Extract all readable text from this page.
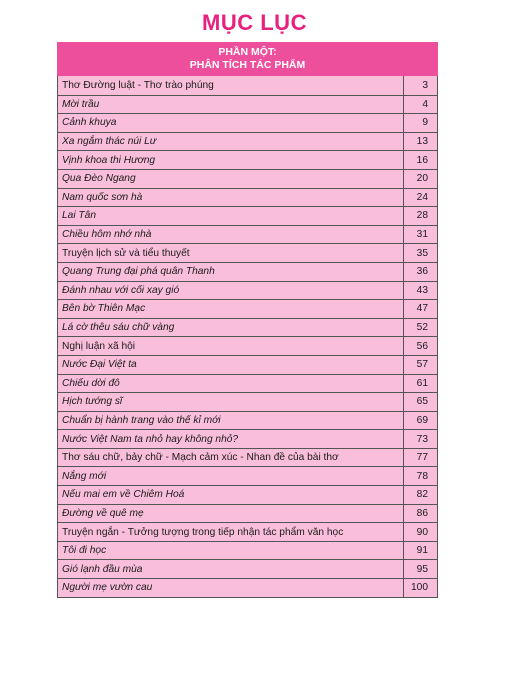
MỤC LỤC
PHẦN MỘT:
PHÂN TÍCH TÁC PHẨM
Thơ Đường luật - Thơ trào phúng	3
Mời trầu	4
Cảnh khuya	9
Xa ngắm thác núi Lư	13
Vịnh khoa thi Hương	16
Qua Đèo Ngang	20
Nam quốc sơn hà	24
Lai Tân	28
Chiều hôm nhớ nhà	31
Truyện lịch sử và tiểu thuyết	35
Quang Trung đại phá quân Thanh	36
Đánh nhau với cối xay gió	43
Bên bờ Thiên Mạc	47
Lá cờ thêu sáu chữ vàng	52
Nghị luận xã hội	56
Nước Đại Việt ta	57
Chiếu dời đô	61
Hịch tướng sĩ	65
Chuẩn bị hành trang vào thế kỉ mới	69
Nước Việt Nam ta nhỏ hay không nhỏ?	73
Thơ sáu chữ, bảy chữ - Mạch cảm xúc - Nhan đề của bài thơ	77
Nắng mới	78
Nếu mai em về Chiêm Hoá	82
Đường về quê mẹ	86
Truyện ngắn - Tưởng tượng trong tiếp nhận tác phẩm văn học	90
Tôi đi học	91
Gió lạnh đầu mùa	95
Người mẹ vườn cau	100
